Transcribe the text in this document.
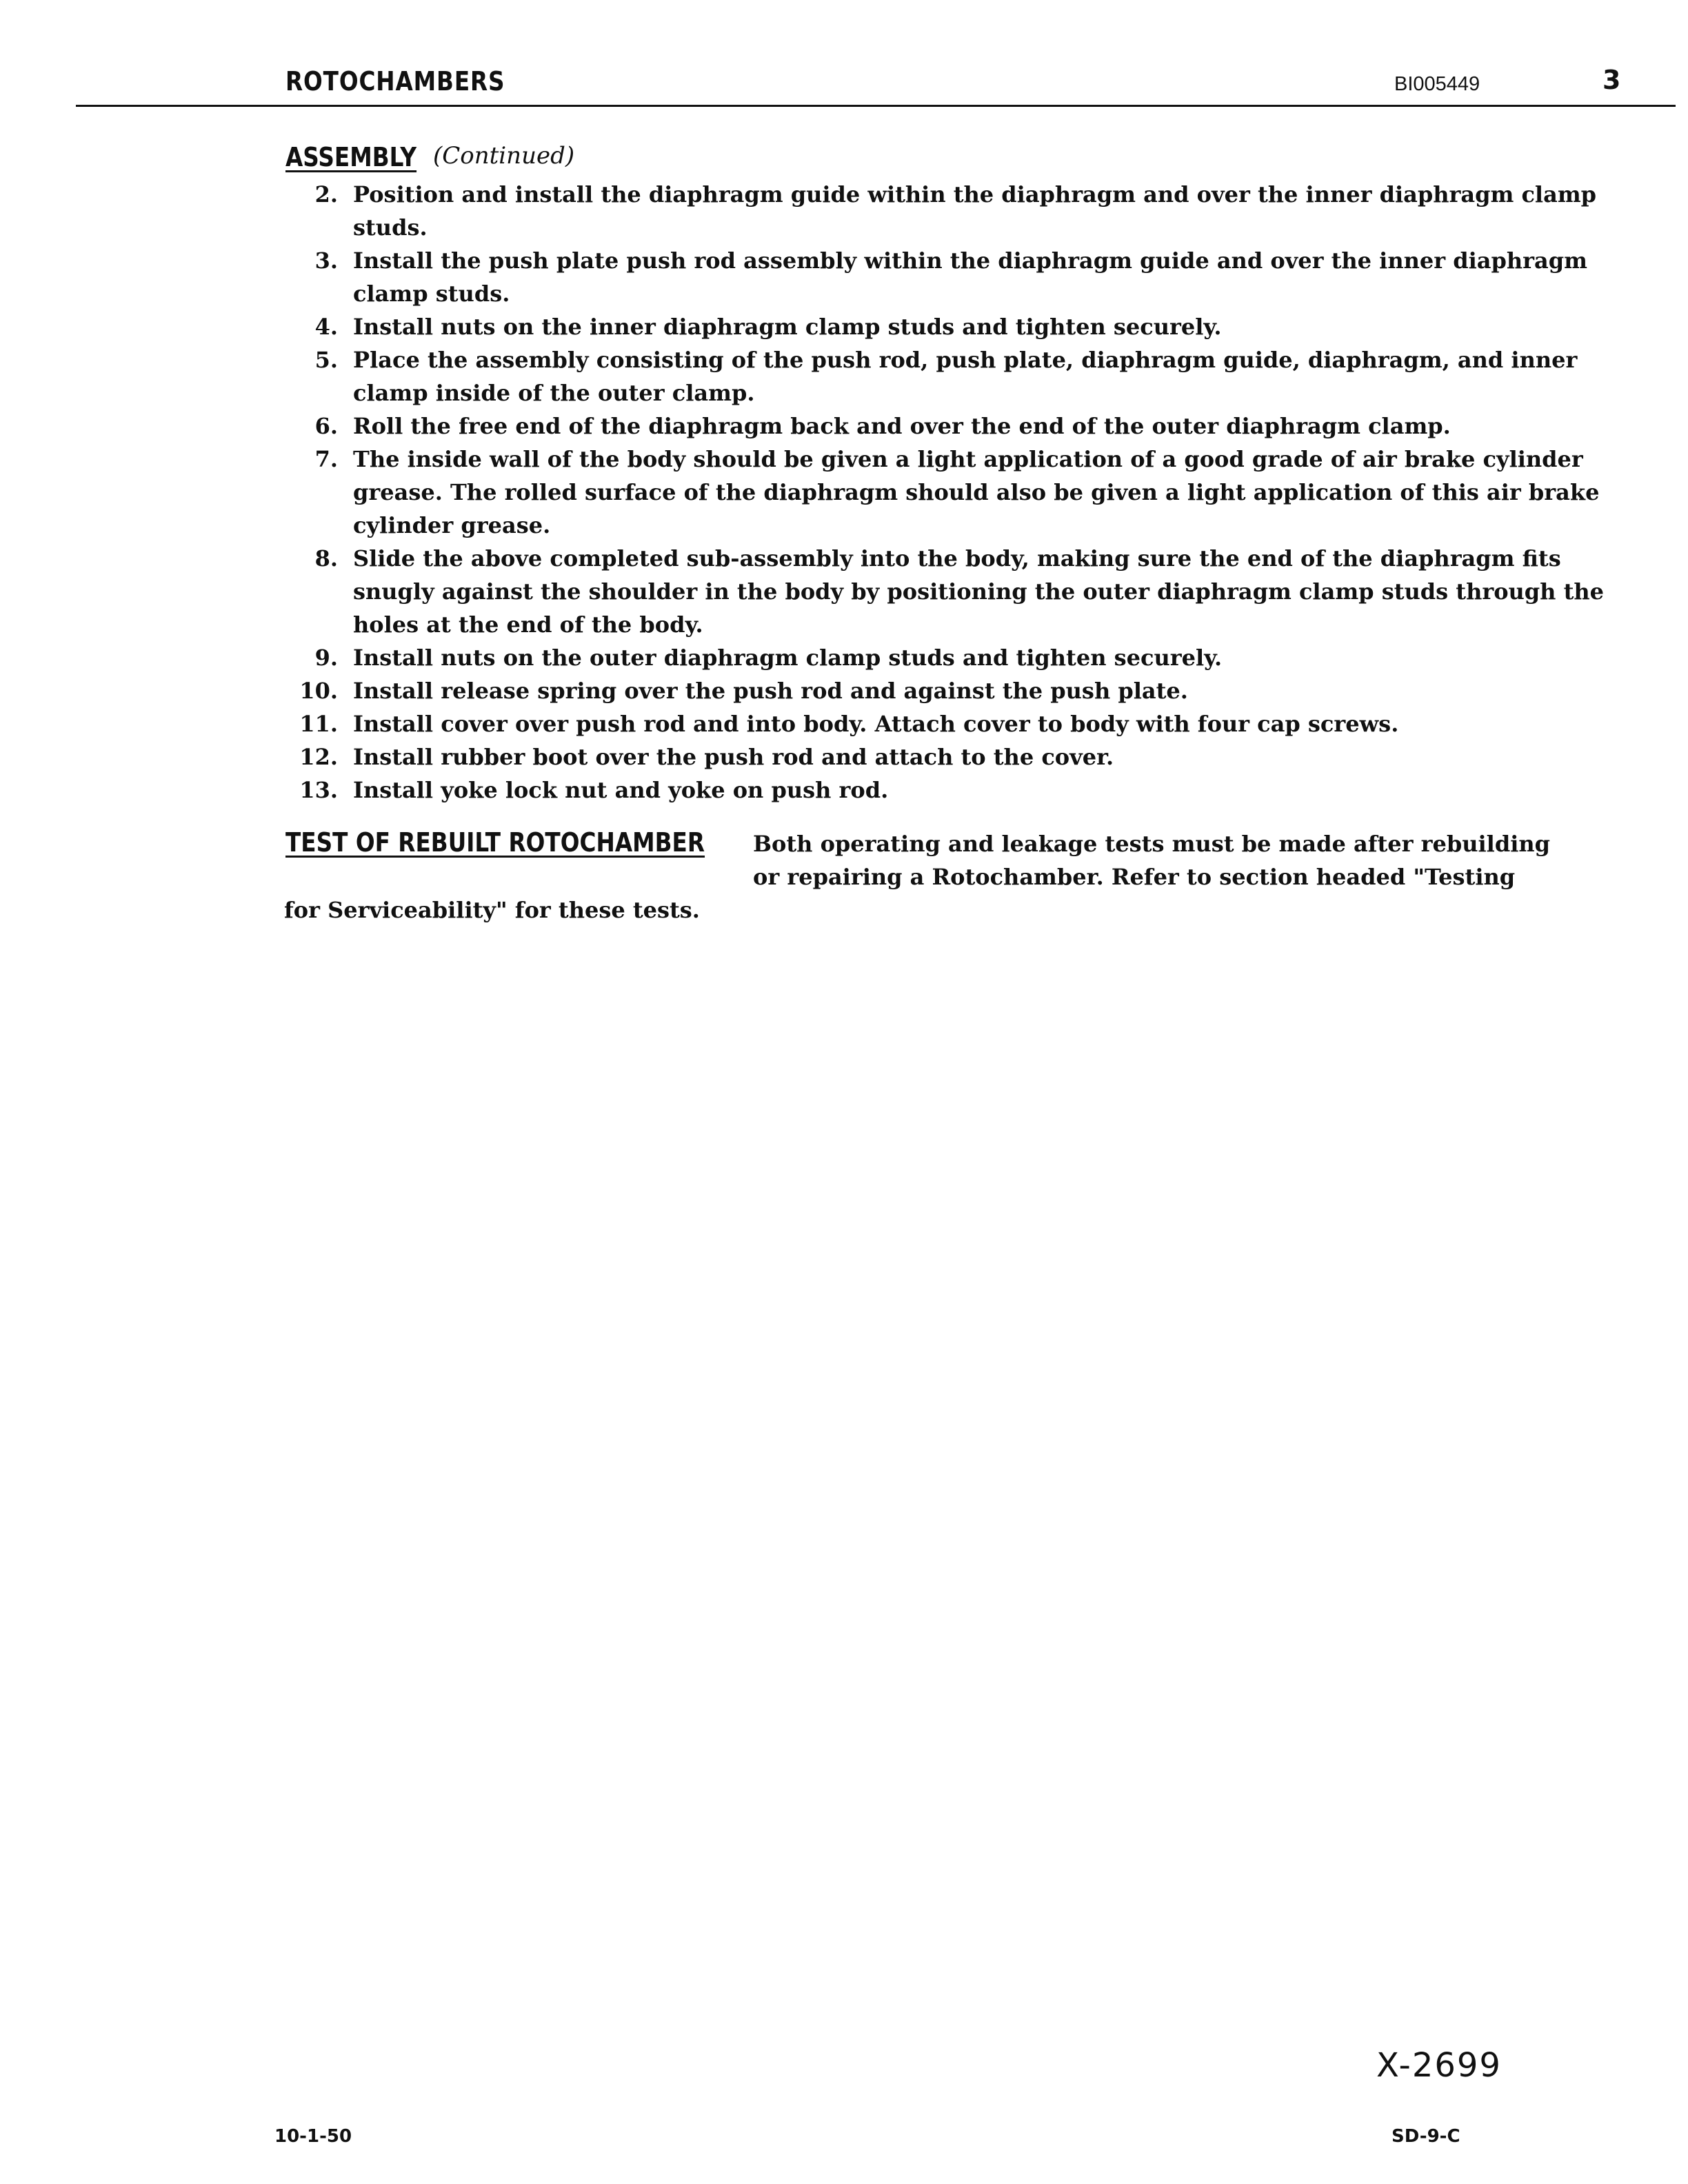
ROTOCHAMBERS	BI005449	3
ASSEMBLY (Continued)
2. Position and install the diaphragm guide within the diaphragm and over the inner diaphragm clamp studs.
3. Install the push plate push rod assembly within the diaphragm guide and over the inner diaphragm clamp studs.
4. Install nuts on the inner diaphragm clamp studs and tighten securely.
5. Place the assembly consisting of the push rod, push plate, diaphragm guide, diaphragm, and inner clamp inside of the outer clamp.
6. Roll the free end of the diaphragm back and over the end of the outer diaphragm clamp.
7. The inside wall of the body should be given a light application of a good grade of air brake cylinder grease. The rolled surface of the diaphragm should also be given a light application of this air brake cylinder grease.
8. Slide the above completed sub-assembly into the body, making sure the end of the diaphragm fits snugly against the shoulder in the body by positioning the outer diaphragm clamp studs through the holes at the end of the body.
9. Install nuts on the outer diaphragm clamp studs and tighten securely.
10. Install release spring over the push rod and against the push plate.
11. Install cover over push rod and into body. Attach cover to body with four cap screws.
12. Install rubber boot over the push rod and attach to the cover.
13. Install yoke lock nut and yoke on push rod.
TEST OF REBUILT ROTOCHAMBER Both operating and leakage tests must be made after rebuilding
or repairing a Rotochamber. Refer to section headed "Testing
for Serviceability" for these tests.
X-2699
10-1-50	SD-9-C
